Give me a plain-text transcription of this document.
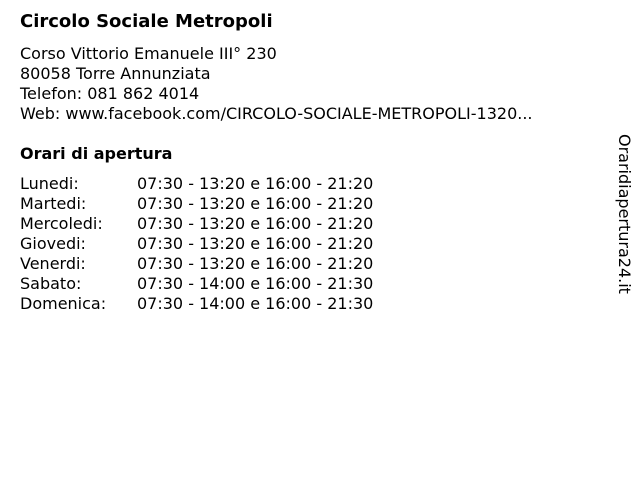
Circolo Sociale Metropoli
Corso Vittorio Emanuele III° 230
80058 Torre Annunziata
Telefon: 081 862 4014
Web: www.facebook.com/CIRCOLO-SOCIALE-METROPOLI-1320...
Orari di apertura
Lunedi:	07:30 - 13:20 e 16:00 - 21:20
Martedi:	07:30 - 13:20 e 16:00 - 21:20
Mercoledi: 07:30 - 13:20 e 16:00 - 21:20
Giovedi:	07:30 - 13:20 e 16:00 - 21:20
Venerdi:	07:30 - 13:20 e 16:00 - 21:20
Sabato:	07:30 - 14:00 e 16:00 - 21:30
Domenica: 07:30 - 14:00 e 16:00 - 21:30
Oraridiapertura24.it
